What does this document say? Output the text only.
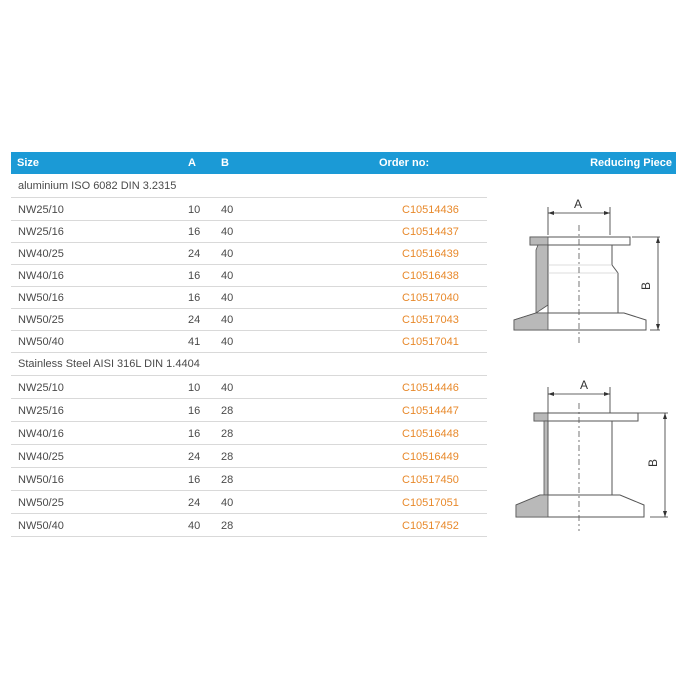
Size	A B	Order no:	Reducing Piece
aluminium ISO 6082 DIN 3.2315
NW25/10	10 40	C10514436
NW25/16	16 40	C10514437
NW40/25	24 40	C10516439
NW40/16	16 40	C10516438
NW50/16	16 40	C10517040
NW50/25	24 40	C10517043
NW50/40	41 40	C10517041
Stainless Steel AISI 316L DIN 1.4404
NW25/10	10 40	C10514446
NW25/16	16 28	C10514447
NW40/16	16 28	C10516448
NW40/25	24 28	C10516449
NW50/16	16 28	C10517450
NW50/25	24 40	C10517051
NW50/40	40 28	C10517452
A
B
A
B
